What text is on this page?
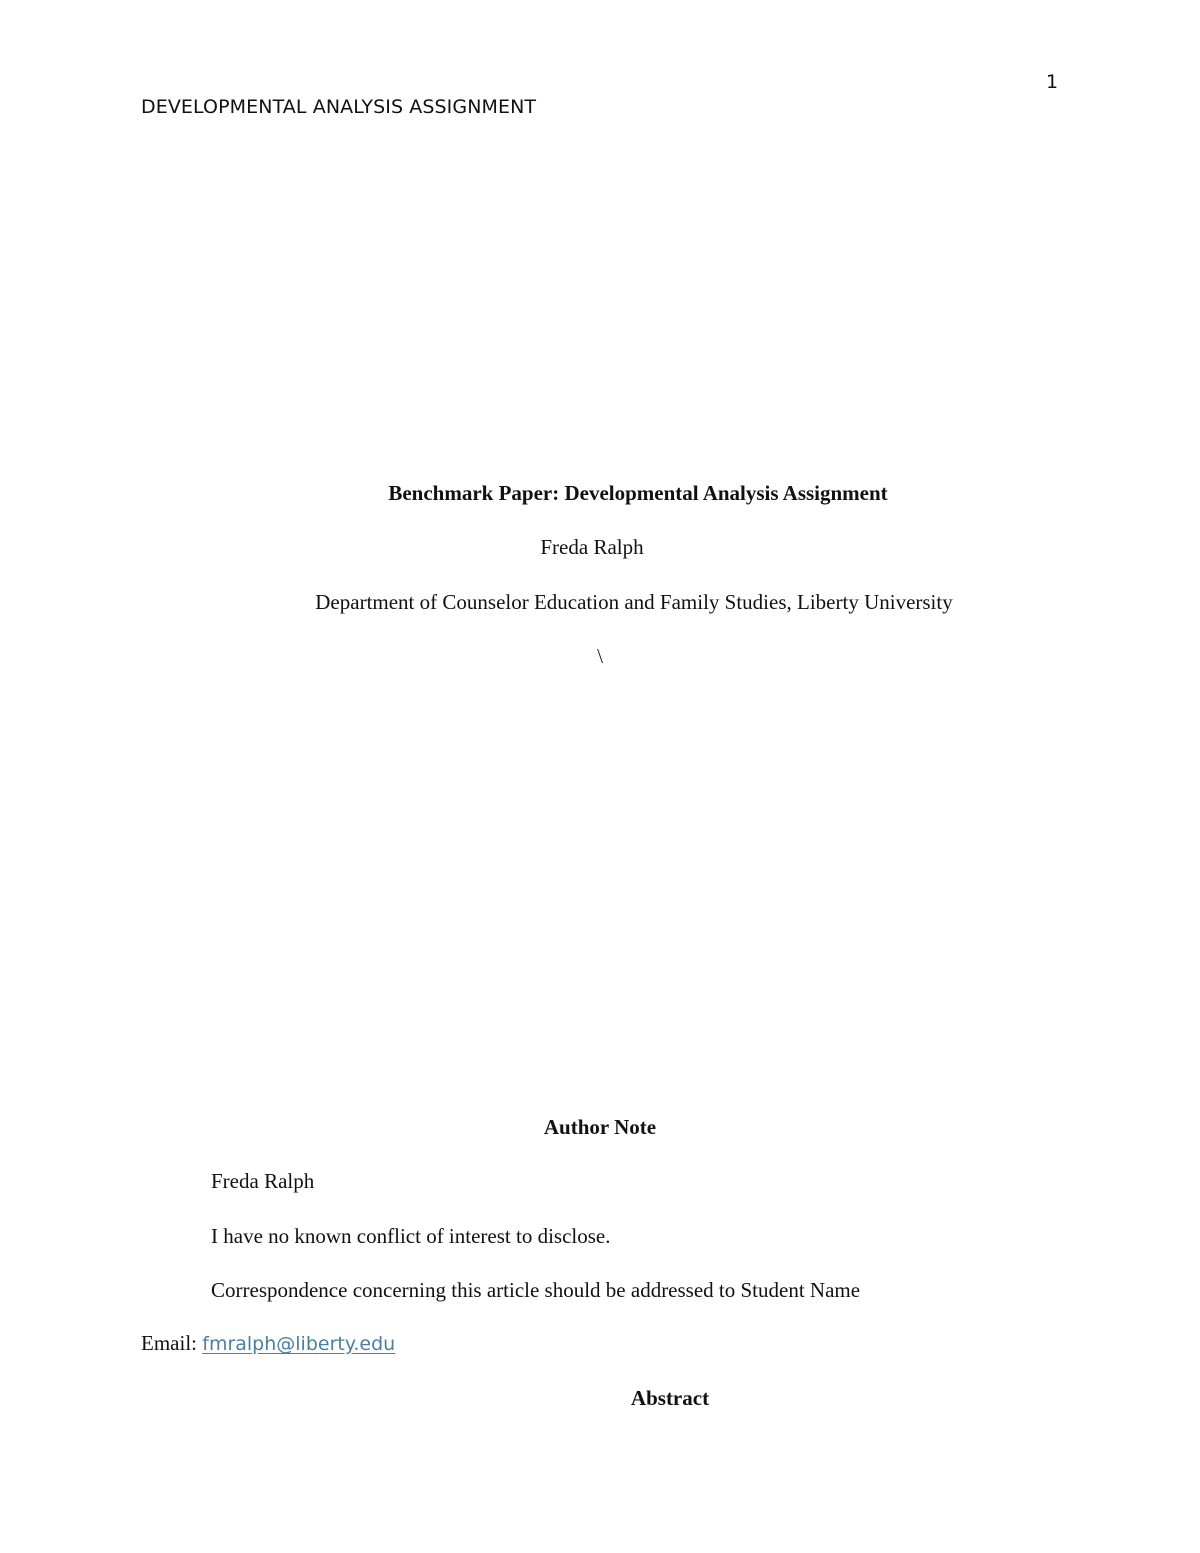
DEVELOPMENTAL ANALYSIS ASSIGNMENT
1
Benchmark Paper: Developmental Analysis Assignment
Freda Ralph
Department of Counselor Education and Family Studies, Liberty University
\
Author Note
Freda Ralph
I have no known conflict of interest to disclose.
Correspondence concerning this article should be addressed to Student Name
Email: fmralph@liberty.edu
Abstract
